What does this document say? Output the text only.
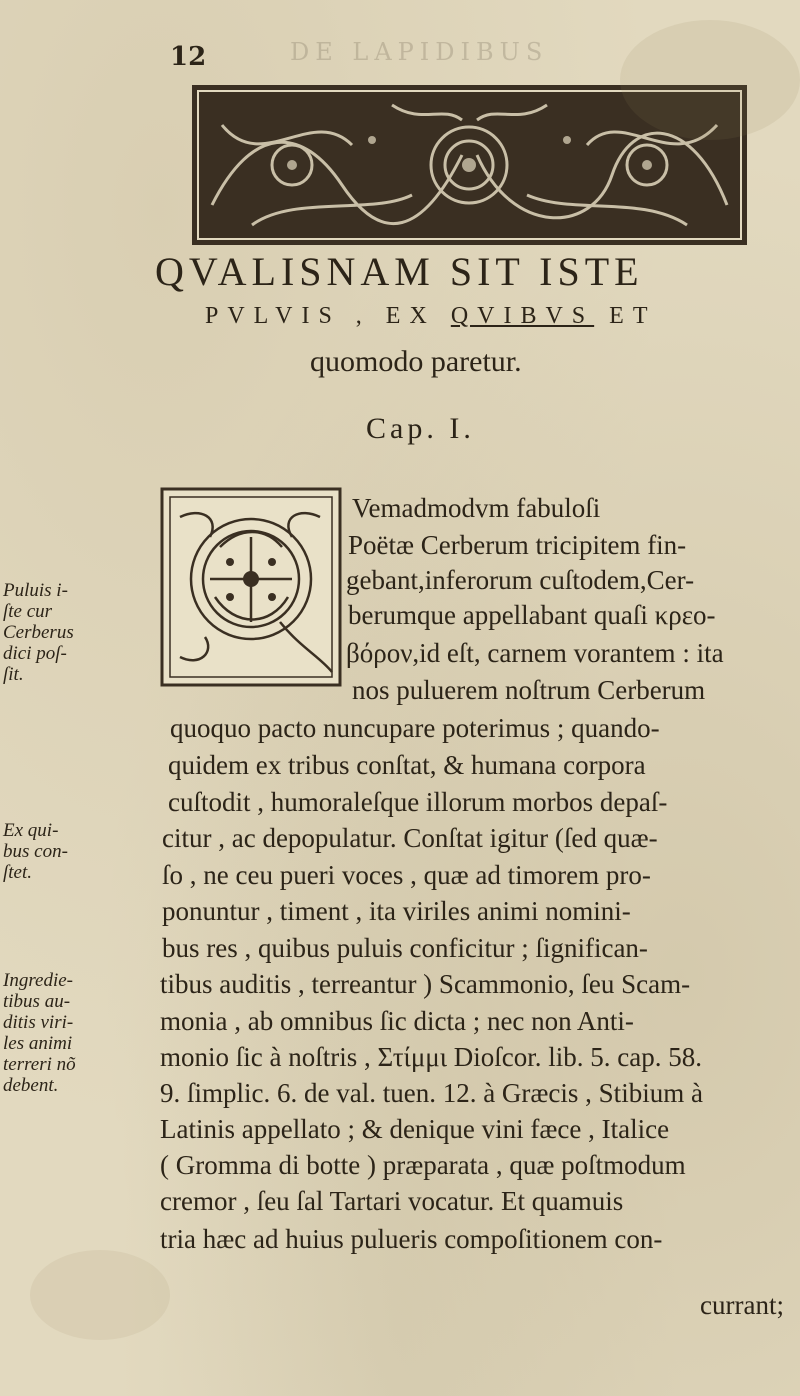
12	DE LAPIDIBUS
QVALISNAM SIT ISTE
PVLVIS , EX QVIBVS ET
quomodo paretur.
Cap. I.
Vemadmodvm fabuloſi
Poëtæ Cerberum tricipitem fin-
gebant,inferorum cuſtodem,Cer-
berumque appellabant quaſi κρεο-
βόρον,id eſt, carnem vorantem : ita
nos puluerem noſtrum Cerberum
quoquo pacto nuncupare poterimus ; quando-
quidem ex tribus conſtat, & humana corpora
cuſtodit , humoraleſque illorum morbos depaſ-
citur , ac depopulatur. Conſtat igitur (ſed quæ-
ſo , ne ceu pueri voces , quæ ad timorem pro-
ponuntur , timent , ita viriles animi nomini-
bus res , quibus puluis conficitur ; ſignifican-
tibus auditis , terreantur ) Scammonio, ſeu Scam-
monia , ab omnibus ſic dicta ; nec non Anti-
monio ſic à noſtris , Στίμμι Dioſcor. lib. 5. cap. 58.
9. ſimplic. 6. de val. tuen. 12. à Græcis , Stibium à
Latinis appellato ; & denique vini fæce , Italice
( Gromma di botte ) præparata , quæ poſtmodum
cremor , ſeu ſal Tartari vocatur. Et quamuis
tria hæc ad huius pulueris compoſitionem con-
currant;
Puluis i-
ſte cur
Cerberus
dici poſ-
ſit.
Ex qui-
bus con-
ſtet.
Ingredie-
tibus au-
ditis viri-
les animi
terreri nõ
debent.
